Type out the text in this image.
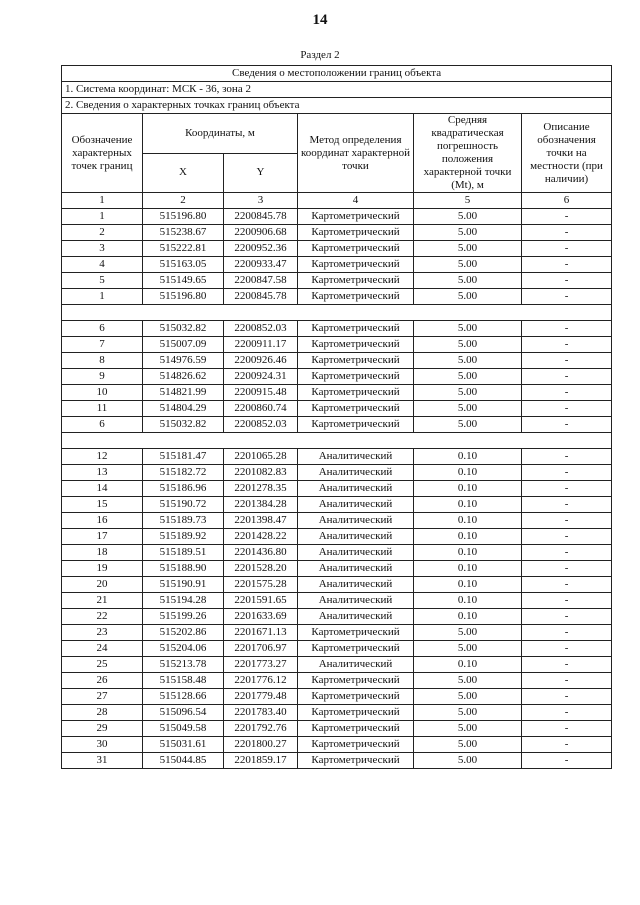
14
Раздел 2
Сведения о местоположении границ объекта					
1. Система координат: МСК - 36, зона 2					
2. Сведения о характерных точках границ объекта					
Обозначение характерных точек границ	Координаты, м		Метод определения координат характерной точки	Средняя квадратическая погрешность положения характерной точки (Mt), м	Описание обозначения точки на местности (при наличии)
	X	Y			
1	2	3	4	5	6
1	515196.80	2200845.78	Картометрический	5.00	-
2	515238.67	2200906.68	Картометрический	5.00	-
3	515222.81	2200952.36	Картометрический	5.00	-
4	515163.05	2200933.47	Картометрический	5.00	-
5	515149.65	2200847.58	Картометрический	5.00	-
1	515196.80	2200845.78	Картометрический	5.00	-

6	515032.82	2200852.03	Картометрический	5.00	-
7	515007.09	2200911.17	Картометрический	5.00	-
8	514976.59	2200926.46	Картометрический	5.00	-
9	514826.62	2200924.31	Картометрический	5.00	-
10	514821.99	2200915.48	Картометрический	5.00	-
11	514804.29	2200860.74	Картометрический	5.00	-
6	515032.82	2200852.03	Картометрический	5.00	-

12	515181.47	2201065.28	Аналитический	0.10	-
13	515182.72	2201082.83	Аналитический	0.10	-
14	515186.96	2201278.35	Аналитический	0.10	-
15	515190.72	2201384.28	Аналитический	0.10	-
16	515189.73	2201398.47	Аналитический	0.10	-
17	515189.92	2201428.22	Аналитический	0.10	-
18	515189.51	2201436.80	Аналитический	0.10	-
19	515188.90	2201528.20	Аналитический	0.10	-
20	515190.91	2201575.28	Аналитический	0.10	-
21	515194.28	2201591.65	Аналитический	0.10	-
22	515199.26	2201633.69	Аналитический	0.10	-
23	515202.86	2201671.13	Картометрический	5.00	-
24	515204.06	2201706.97	Картометрический	5.00	-
25	515213.78	2201773.27	Аналитический	0.10	-
26	515158.48	2201776.12	Картометрический	5.00	-
27	515128.66	2201779.48	Картометрический	5.00	-
28	515096.54	2201783.40	Картометрический	5.00	-
29	515049.58	2201792.76	Картометрический	5.00	-
30	515031.61	2201800.27	Картометрический	5.00	-
31	515044.85	2201859.17	Картометрический	5.00	-
